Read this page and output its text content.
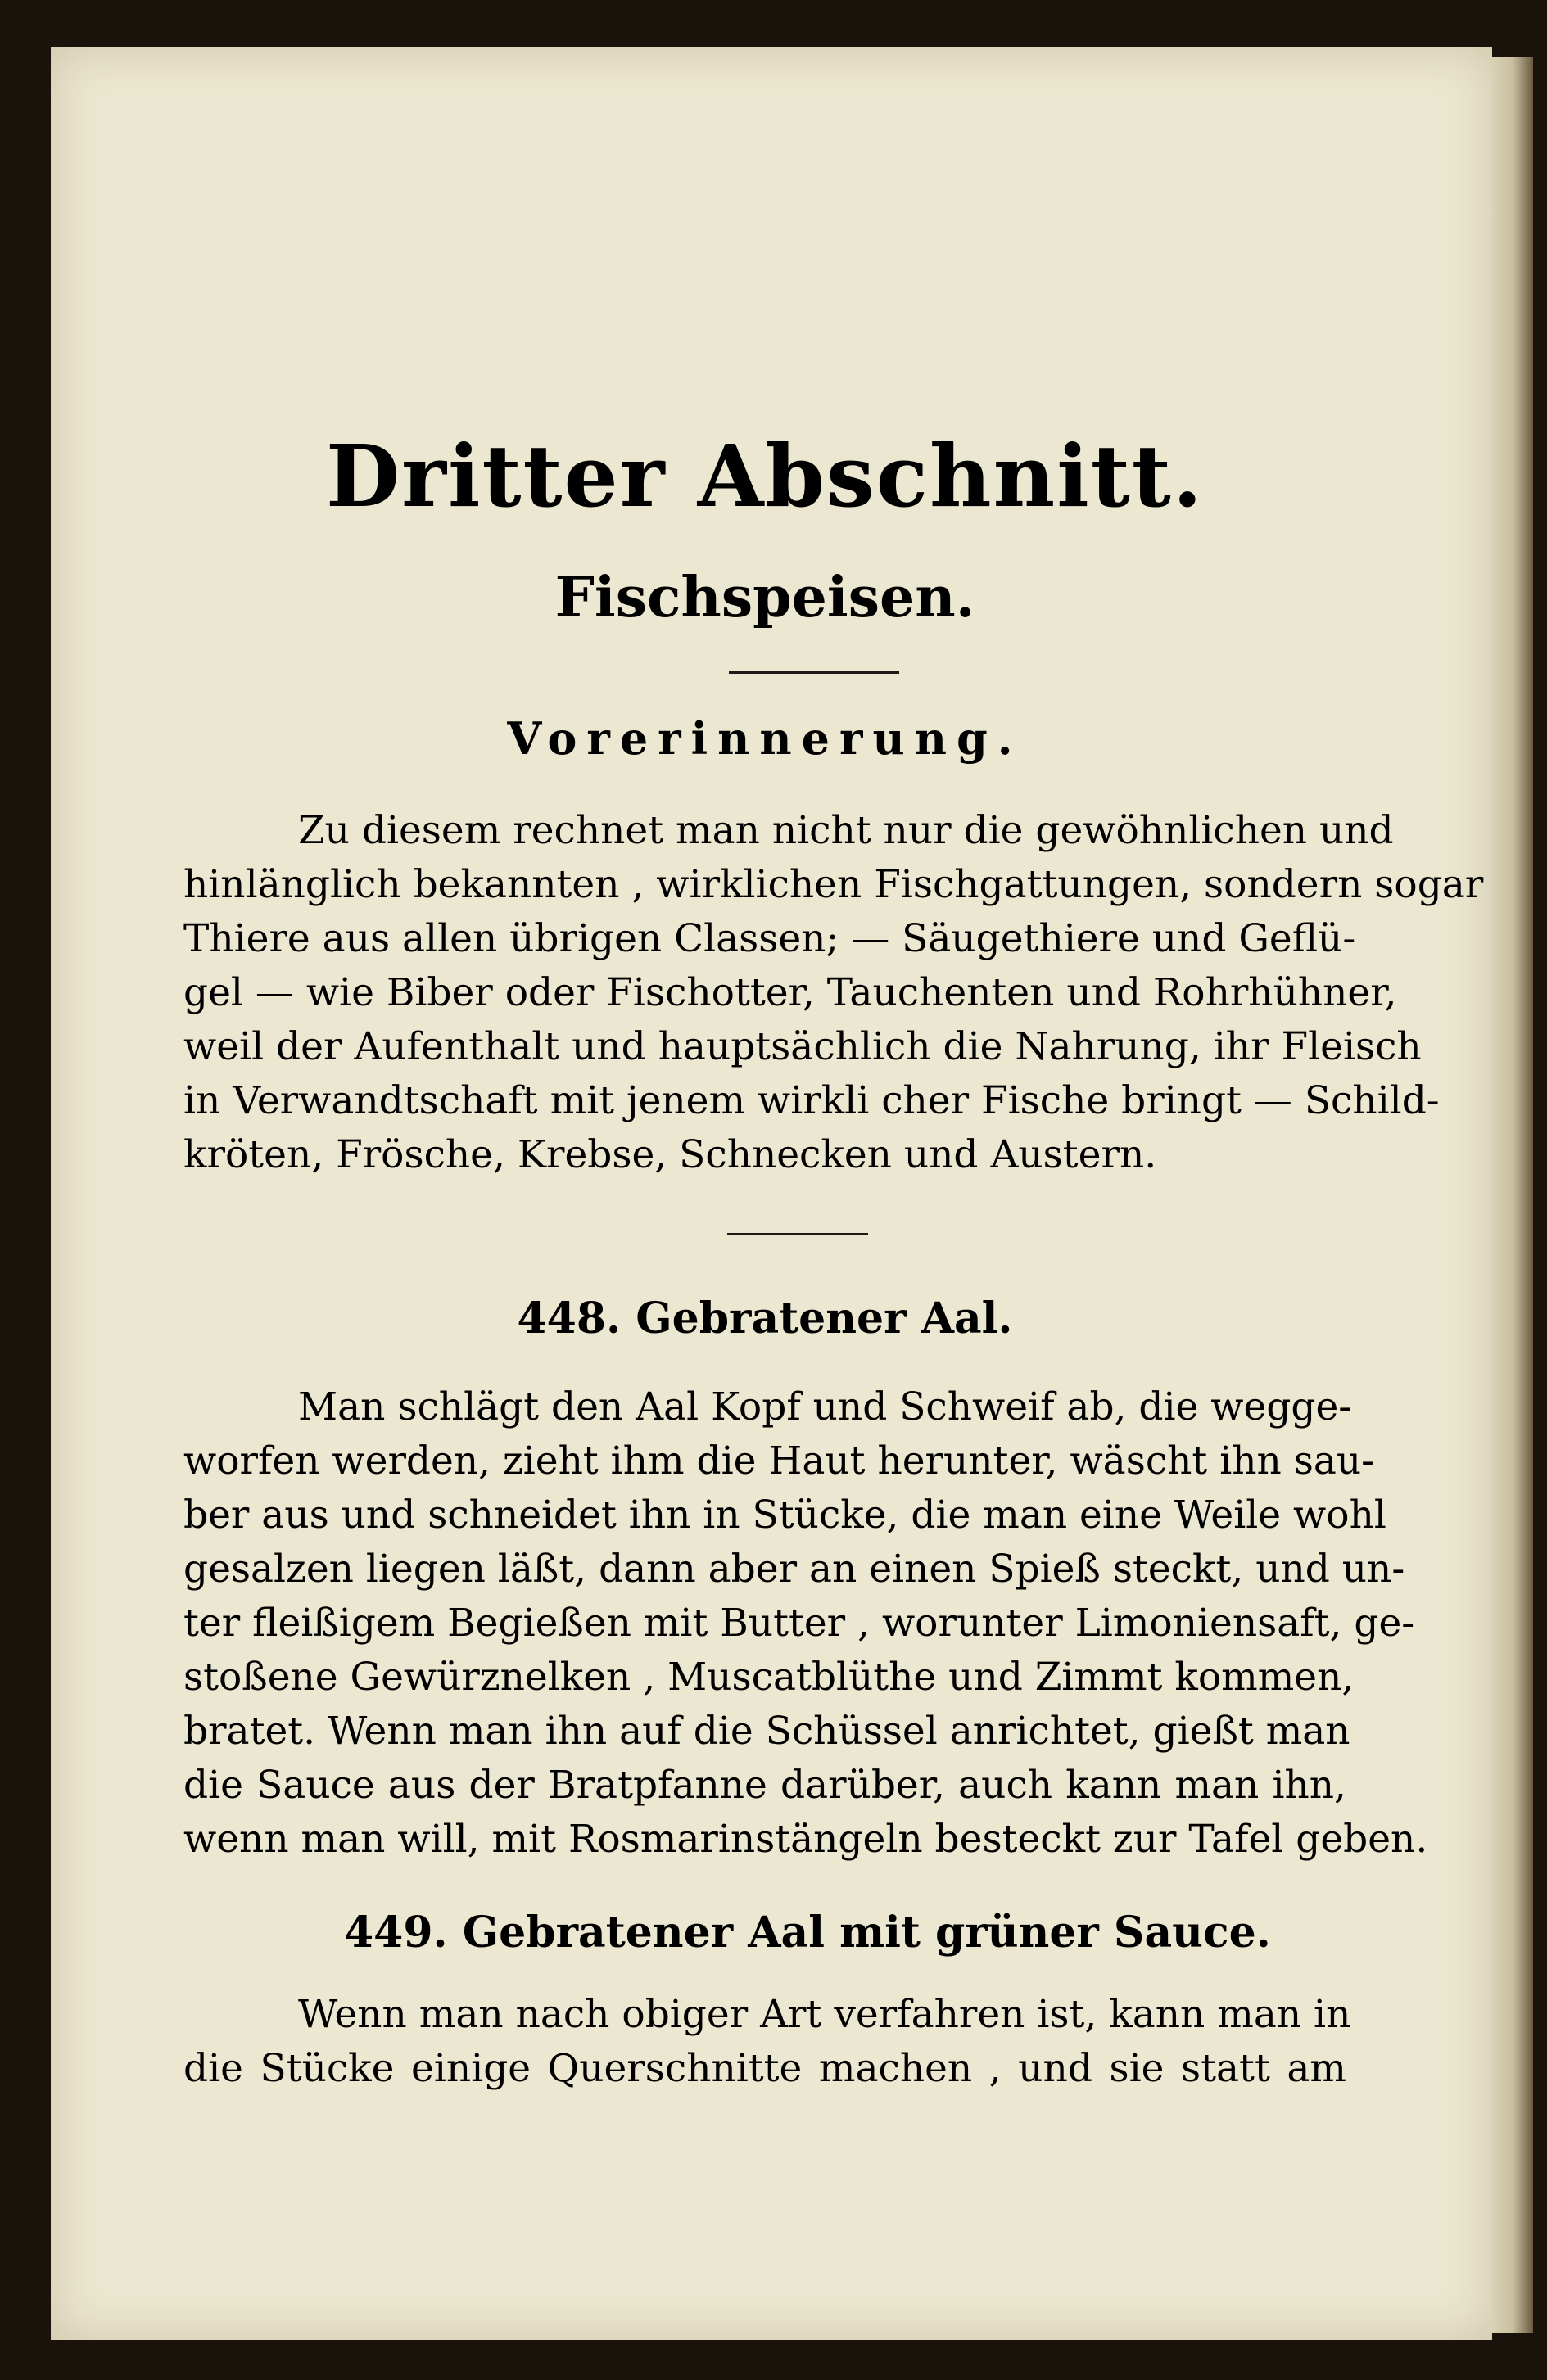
Dritter Abschnitt.
Fischspeisen.
Vorerinnerung.

Zu diesem rechnet man nicht nur die gewöhnlichen und
hinlänglich bekannten , wirklichen Fischgattungen, sondern sogar
Thiere aus allen übrigen Classen; — Säugethiere und Geflü-
gel — wie Biber oder Fischotter, Tauchenten und Rohrhühner,
weil der Aufenthalt und hauptsächlich die Nahrung, ihr Fleisch
in Verwandtschaft mit jenem wirkli cher Fische bringt — Schild-
kröten, Frösche, Krebse, Schnecken und Austern.

448. Gebratener Aal.

Man schlägt den Aal Kopf und Schweif ab, die wegge-
worfen werden, zieht ihm die Haut herunter, wäscht ihn sau-
ber aus und schneidet ihn in Stücke, die man eine Weile wohl
gesalzen liegen läßt, dann aber an einen Spieß steckt, und un-
ter fleißigem Begießen mit Butter , worunter Limoniensaft, ge-
stoßene Gewürznelken , Muscatblüthe und Zimmt kommen,
bratet. Wenn man ihn auf die Schüssel anrichtet, gießt man
die Sauce aus der Bratpfanne darüber, auch kann man ihn,
wenn man will, mit Rosmarinstängeln besteckt zur Tafel geben.

449. Gebratener Aal mit grüner Sauce.

Wenn man nach obiger Art verfahren ist, kann man in
die Stücke einige Querschnitte machen , und sie statt am
